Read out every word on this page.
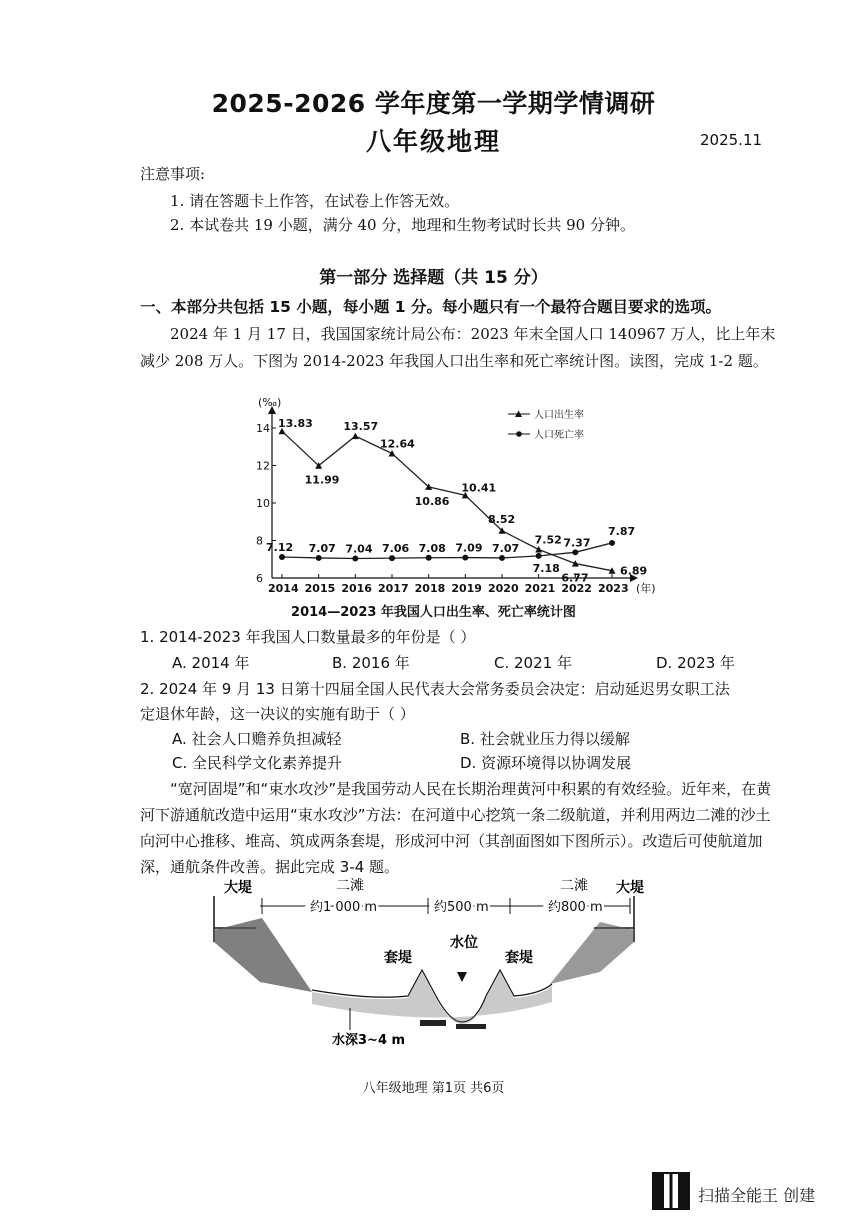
2025-2026 学年度第一学期学情调研
八年级地理	2025.11
注意事项:
1. 请在答题卡上作答，在试卷上作答无效。
2. 本试卷共 19 小题，满分 40 分，地理和生物考试时长共 90 分钟。
第一部分 选择题（共 15 分）
一、本部分共包括 15 小题，每小题 1 分。每小题只有一个最符合题目要求的选项。
2024 年 1 月 17 日，我国国家统计局公布：2023 年末全国人口 140967 万人，比上年末减少 208 万人。下图为 2014-2023 年我国人口出生率和死亡率统计图。读图，完成 1-2 题。
(‰)
(年)
6
8
10
12
14
2014 2015 2016 2017 2018 2019 2020 2021 2022 2023
13.83
11.99
13.57
12.64
10.86
10.41
8.52
7.52
6.77
6.89
7.12 7.07 7.04 7.06 7.08 7.09 7.07
7.18
7.37
7.87
人口出生率
人口死亡率
2014—2023 年我国人口出生率、死亡率统计图
1. 2014-2023 年我国人口数量最多的年份是（ ）
A. 2014 年	B. 2016 年	C. 2021 年	D. 2023 年
2. 2024 年 9 月 13 日第十四届全国人民代表大会常务委员会决定：启动延迟男女职工法
定退休年龄，这一决议的实施有助于（ ）
A. 社会人口赡养负担减轻	B. 社会就业压力得以缓解
C. 全民科学文化素养提升	D. 资源环境得以协调发展
“宽河固堤”和“束水攻沙”是我国劳动人民在长期治理黄河中积累的有效经验。近年来，在黄河下游通航改造中运用“束水攻沙”方法：在河道中心挖筑一条二级航道，并利用两边二滩的沙土向河中心推移、堆高、筑成两条套堤，形成河中河（其剖面图如下图所示）。改造后可使航道加深，通航条件改善。据此完成 3-4 题。
大堤	大堤
二滩	二滩
约1 000 m	约500 m	约800 m
水位
套堤	套堤
水深3~4 m
八年级地理 第1页 共6页
扫描全能王 创建
